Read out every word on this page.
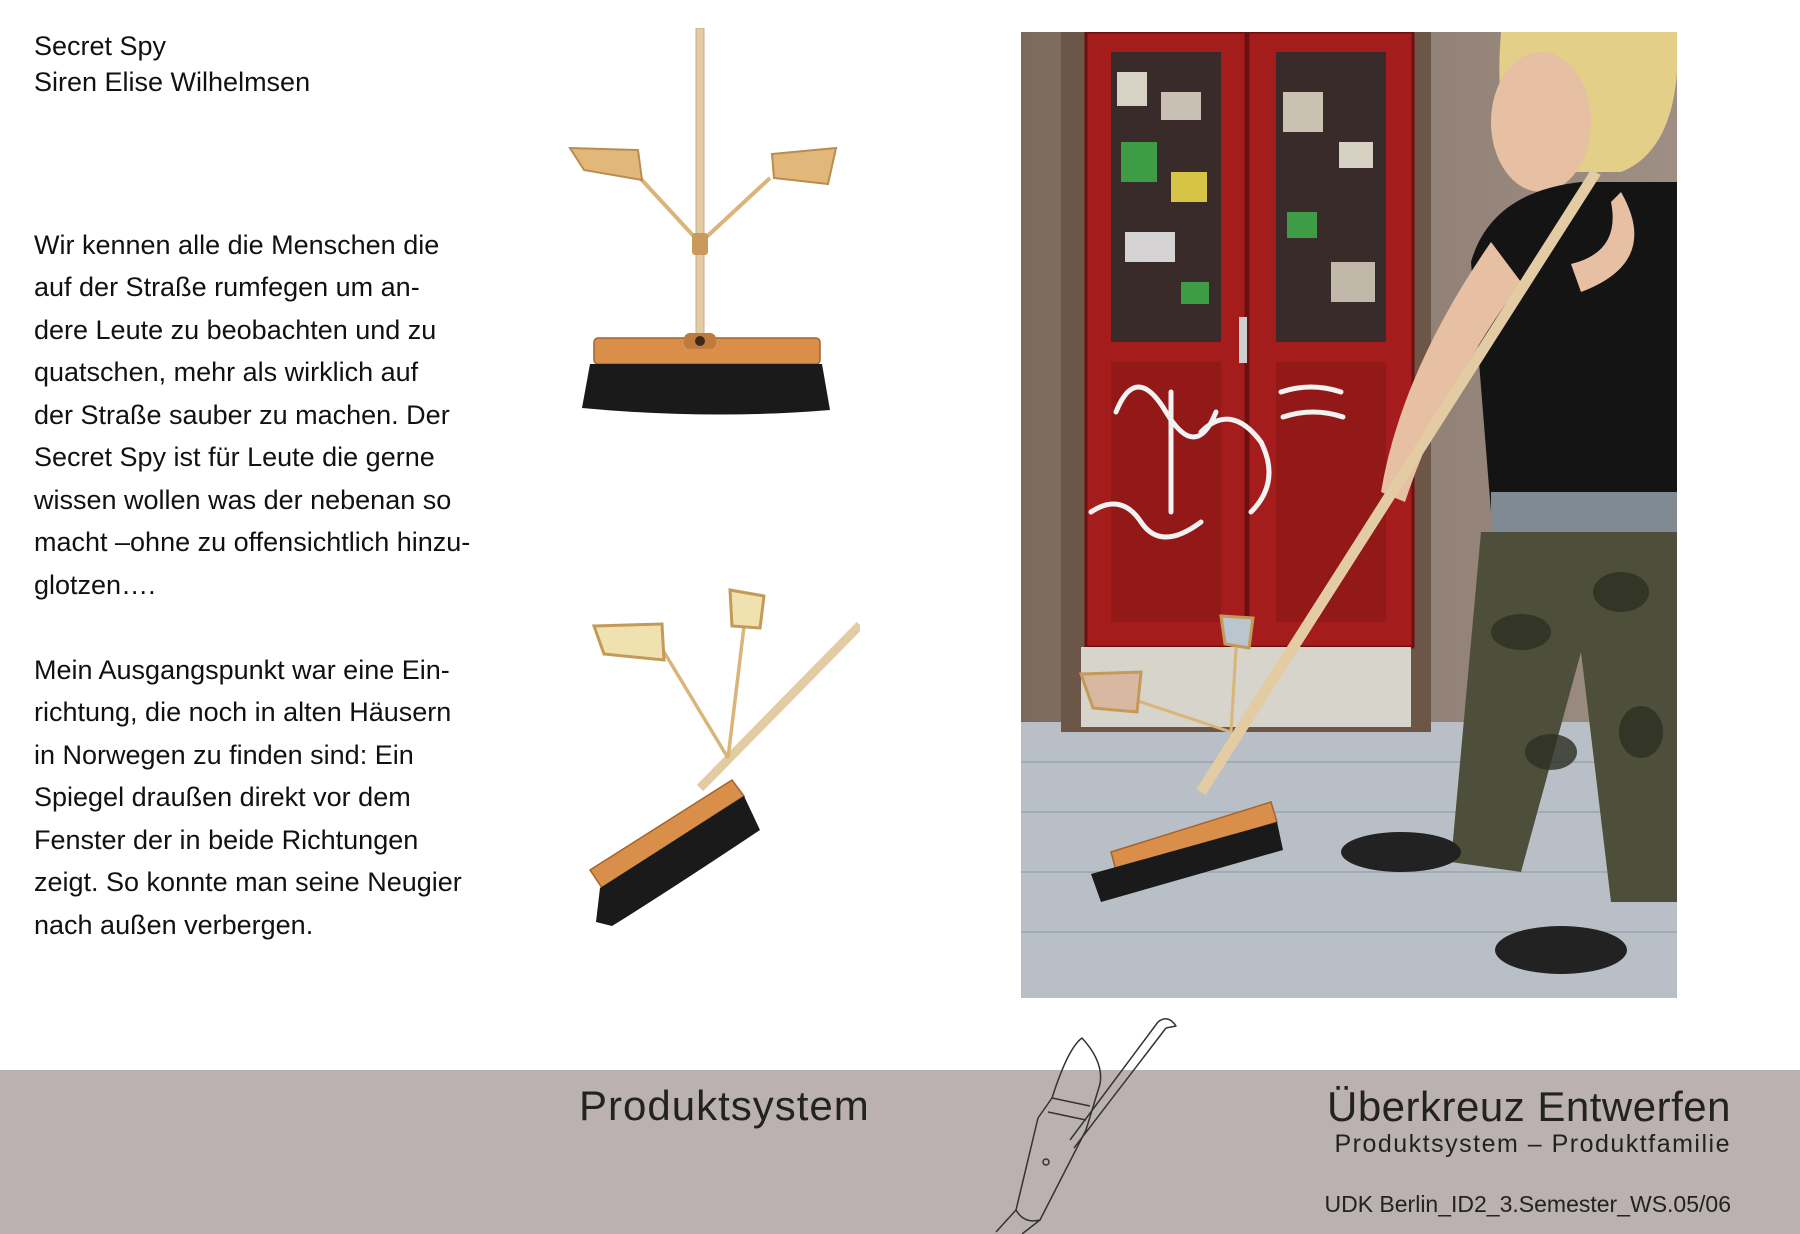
Secret Spy
Siren Elise Wilhelmsen

Wir kennen alle die Menschen die
auf der Straße rumfegen um an-
dere Leute zu beobachten und zu
quatschen, mehr als wirklich auf
der Straße sauber zu machen. Der
Secret Spy ist für Leute die gerne
wissen wollen was der nebenan so
macht –ohne zu offensichtlich hinzu-
glotzen….

Mein Ausgangspunkt war eine Ein-
richtung, die noch in alten Häusern
in Norwegen zu finden sind: Ein
Spiegel draußen direkt vor dem
Fenster der in beide Richtungen
zeigt. So konnte man seine Neugier
nach außen verbergen.

Produktsystem	Überkreuz Entwerfen
Produktsystem – Produktfamilie
UDK Berlin_ID2_3.Semester_WS.05/06
